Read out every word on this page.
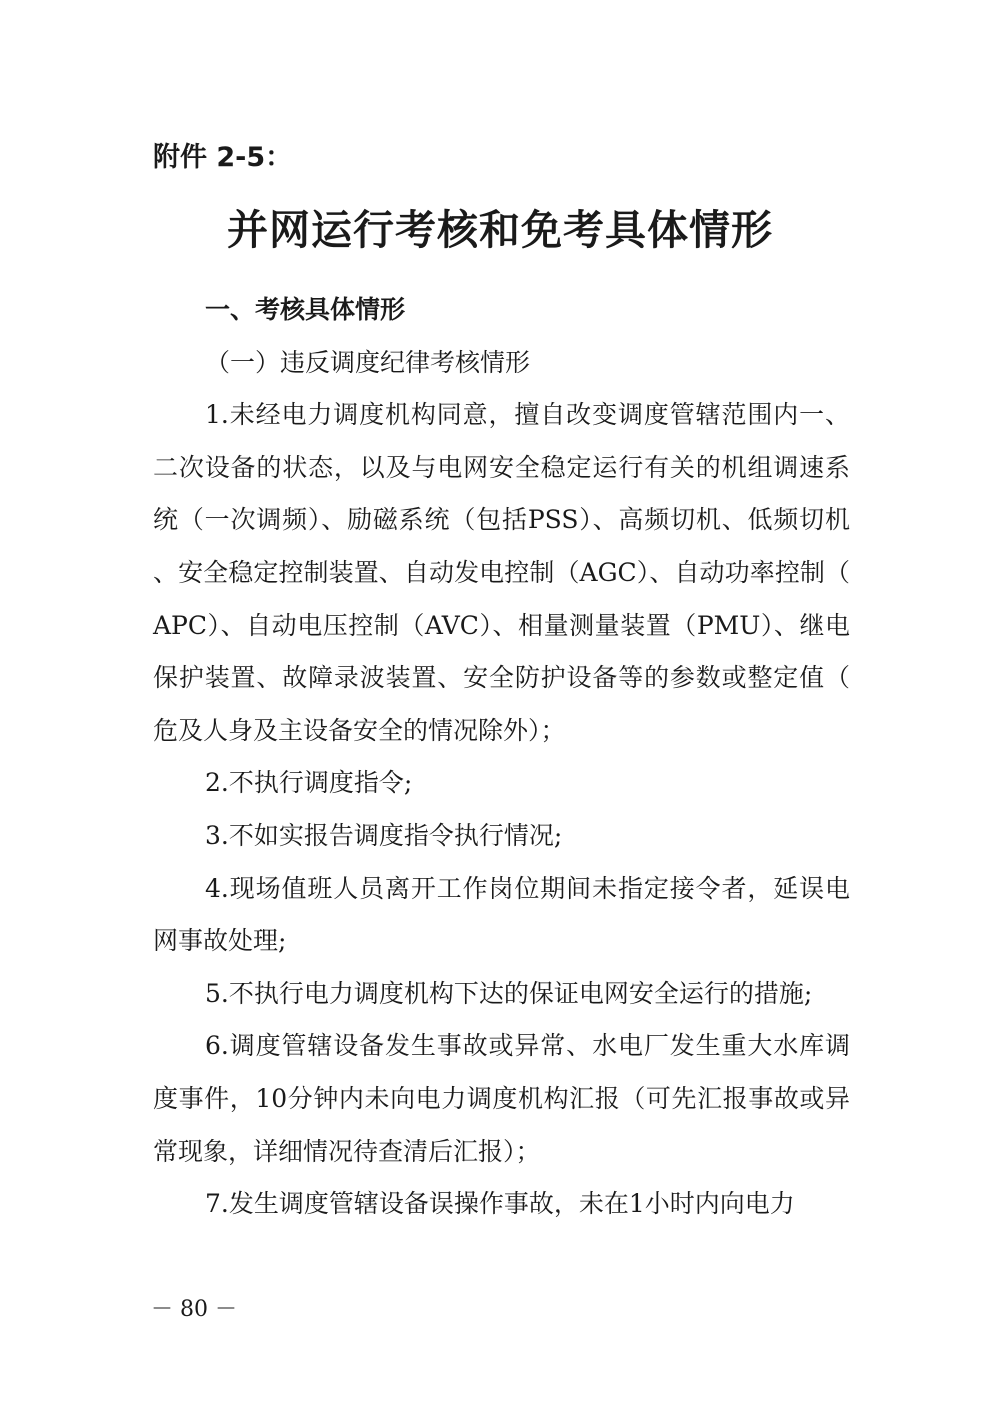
附件 2-5：
并网运行考核和免考具体情形

一、考核具体情形

（一）违反调度纪律考核情形

1.未经电力调度机构同意，擅自改变调度管辖范围内一、二次设备的状态，以及与电网安全稳定运行有关的机组调速系统（一次调频）、励磁系统（包括PSS）、高频切机、低频切机、安全稳定控制装置、自动发电控制（AGC）、自动功率控制（APC）、自动电压控制（AVC）、相量测量装置（PMU）、继电保护装置、故障录波装置、安全防护设备等的参数或整定值（危及人身及主设备安全的情况除外）；

2.不执行调度指令;

3.不如实报告调度指令执行情况;

4.现场值班人员离开工作岗位期间未指定接令者，延误电网事故处理;

5.不执行电力调度机构下达的保证电网安全运行的措施;

6.调度管辖设备发生事故或异常、水电厂发生重大水库调度事件，10分钟内未向电力调度机构汇报（可先汇报事故或异常现象，详细情况待查清后汇报）；

7.发生调度管辖设备误操作事故，未在1小时内向电力

－ 80 －
